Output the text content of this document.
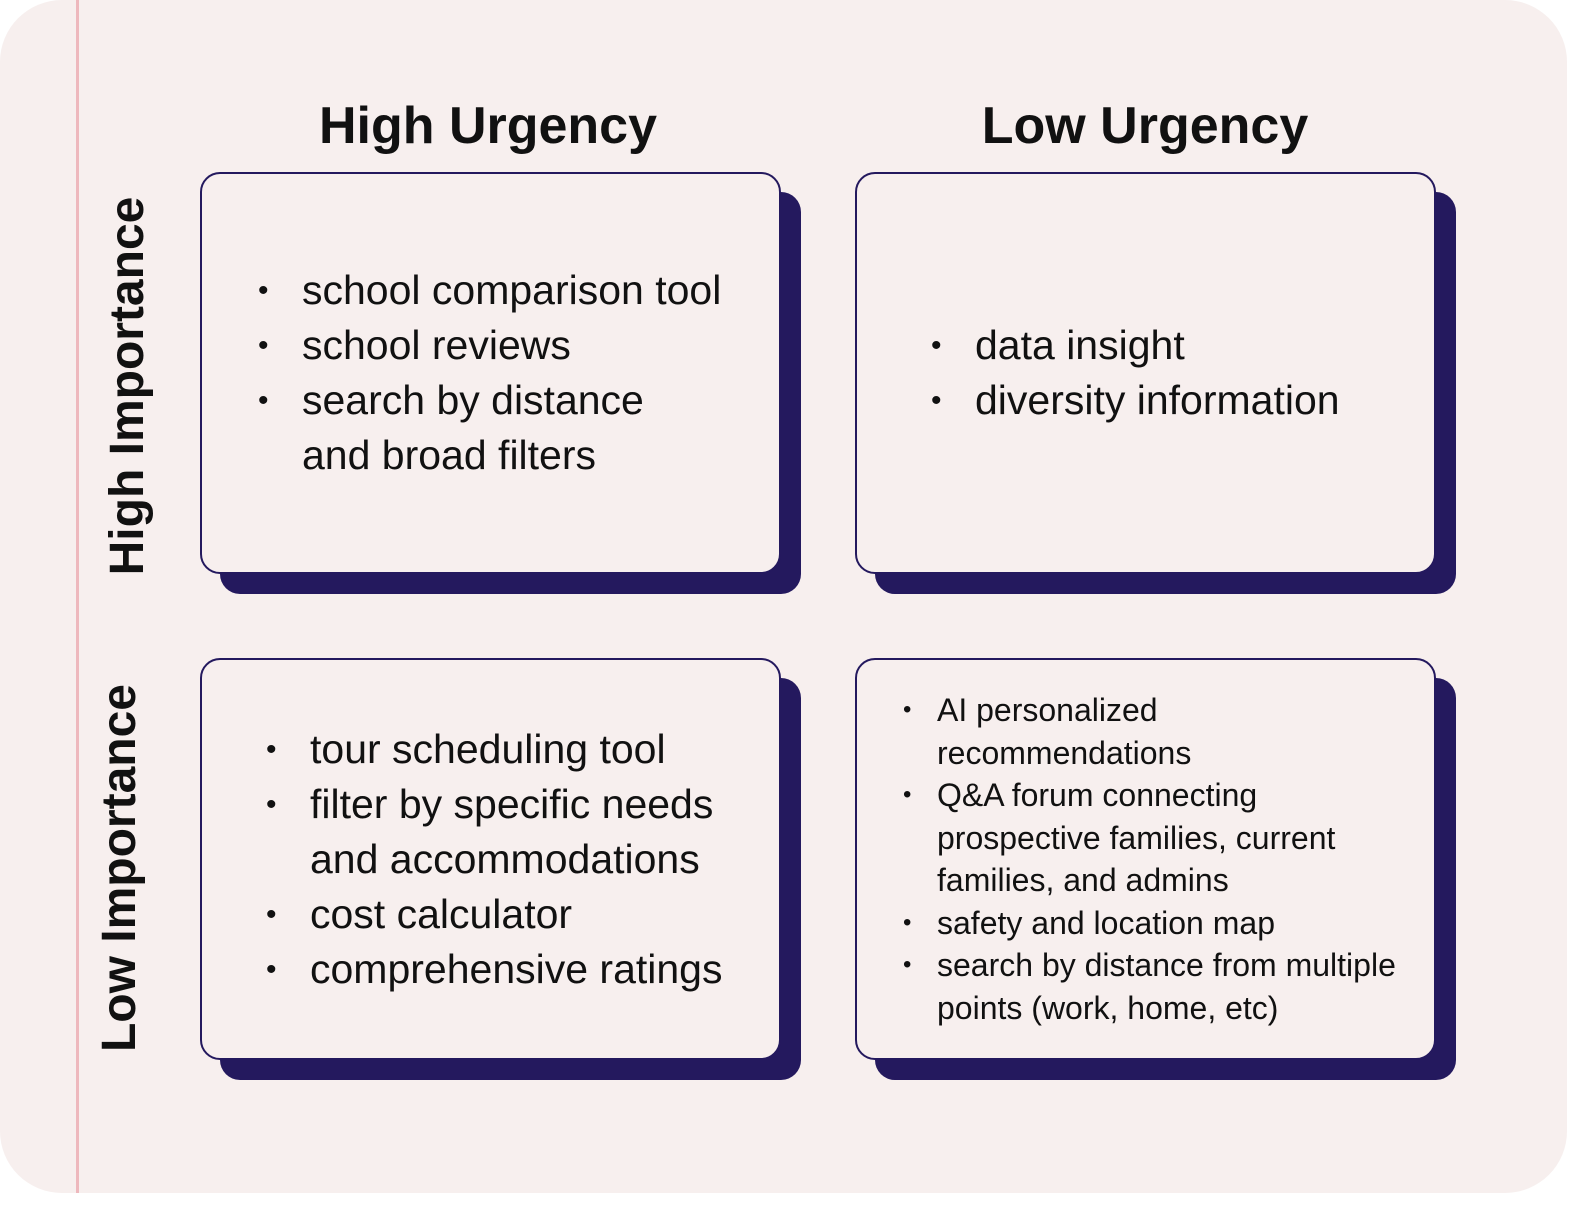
High Urgency	Low Urgency
High Importance
Low Importance
• school comparison tool
• school reviews
• search by distance and broad filters
• data insight
• diversity information
• tour scheduling tool
• filter by specific needs and accommodations
• cost calculator
• comprehensive ratings
• AI personalized recommendations
• Q&A forum connecting prospective families, current families, and admins
• safety and location map
• search by distance from multiple points (work, home, etc)
